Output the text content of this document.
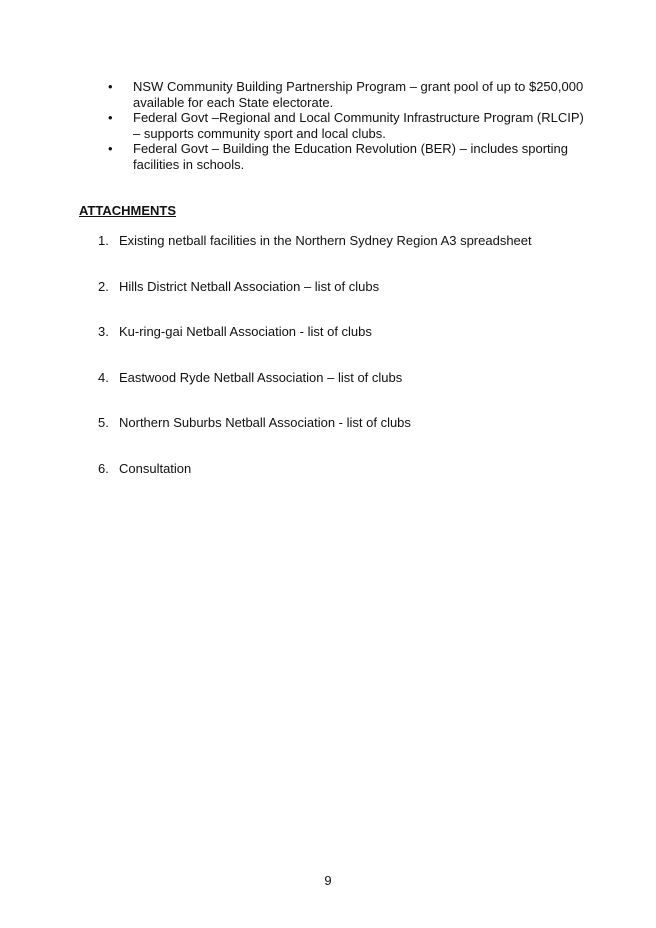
• NSW Community Building Partnership Program – grant pool of up to $250,000 available for each State electorate.
• Federal Govt –Regional and Local Community Infrastructure Program (RLCIP) – supports community sport and local clubs.
• Federal Govt – Building the Education Revolution (BER) – includes sporting facilities in schools.
ATTACHMENTS
1. Existing netball facilities in the Northern Sydney Region A3 spreadsheet
2. Hills District Netball Association – list of clubs
3. Ku-ring-gai Netball Association - list of clubs
4. Eastwood Ryde Netball Association – list of clubs
5. Northern Suburbs Netball Association - list of clubs
6. Consultation
9
